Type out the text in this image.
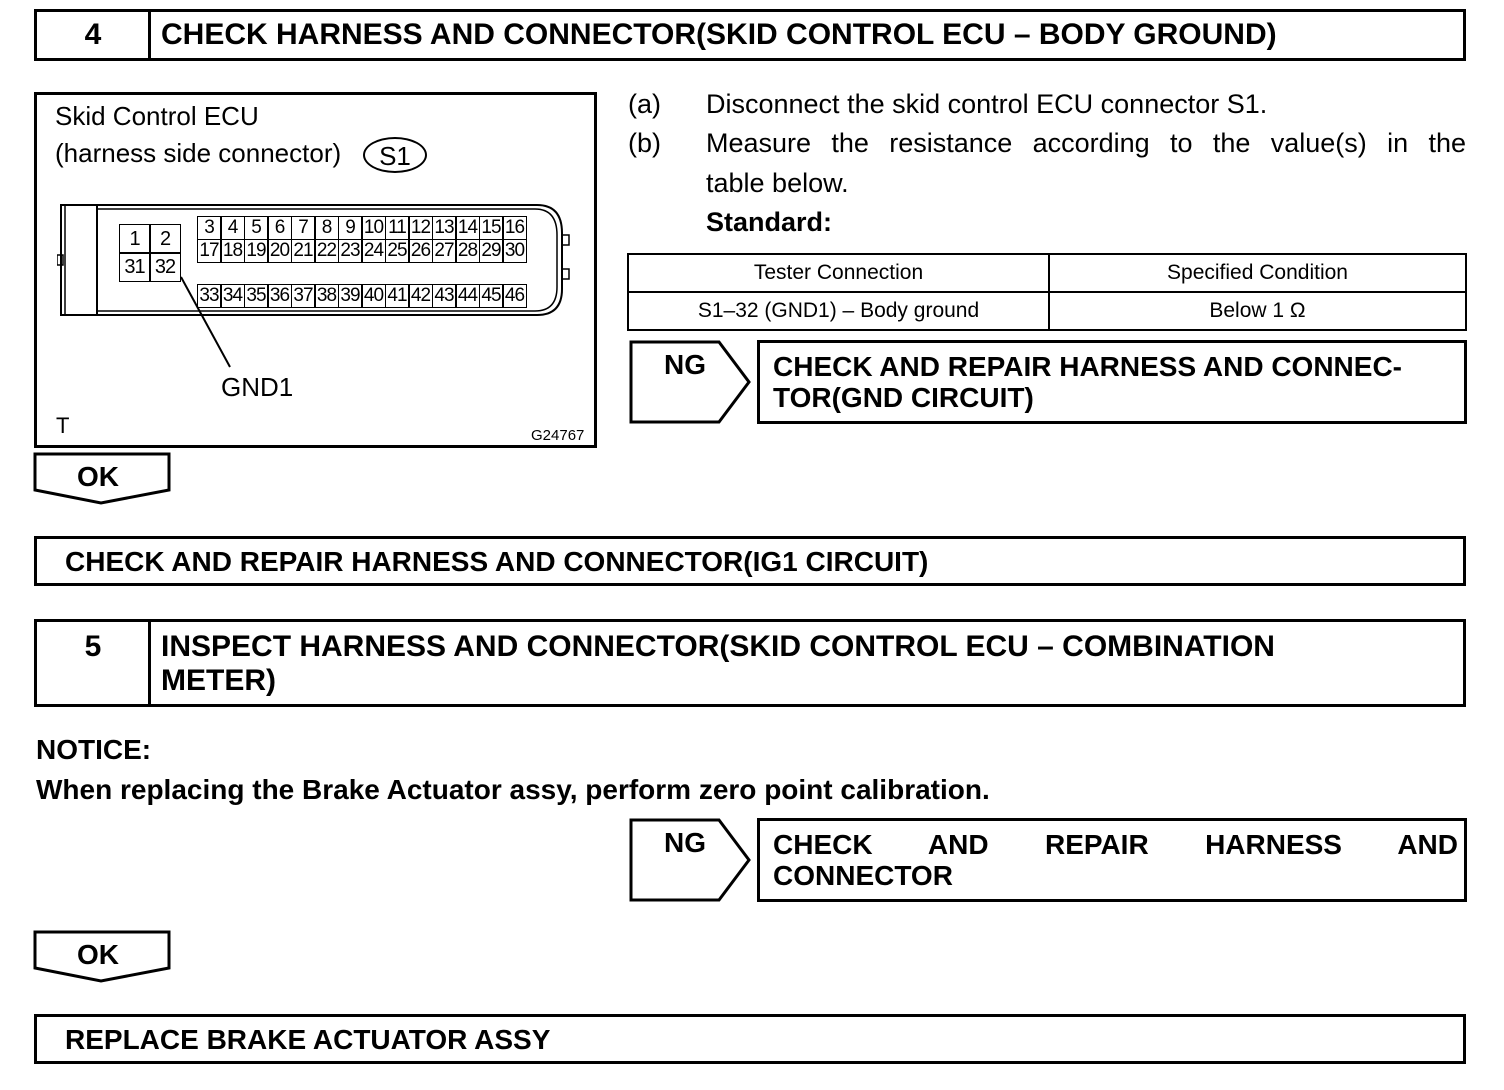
4	CHECK HARNESS AND CONNECTOR(SKID CONTROL ECU – BODY GROUND)
Skid Control ECU
(harness side connector)	S1
1	2
31 32
3 4 5 6 7 8 9 10 11 12 13 14 15 16
17 18 19 20 21 22 23 24 25 26 27 28 29 30
33 34 35 36 37 38 39 40 41 42 43 44 45 46
GND1
T	G24767
(a) Disconnect the skid control ECU connector S1.
(b) Measure the resistance according to the value(s) in the
table below.
Standard:
Tester Connection	Specified Condition
S1–32 (GND1) – Body ground	Below 1 Ω
NG CHECK AND REPAIR HARNESS AND CONNEC-
TOR(GND CIRCUIT)
OK
CHECK AND REPAIR HARNESS AND CONNECTOR(IG1 CIRCUIT)
5	INSPECT HARNESS AND CONNECTOR(SKID CONTROL ECU – COMBINATION
METER)
NOTICE:
When replacing the Brake Actuator assy, perform zero point calibration.
NG CHECK AND REPAIR HARNESS AND
CONNECTOR
OK
REPLACE BRAKE ACTUATOR ASSY
